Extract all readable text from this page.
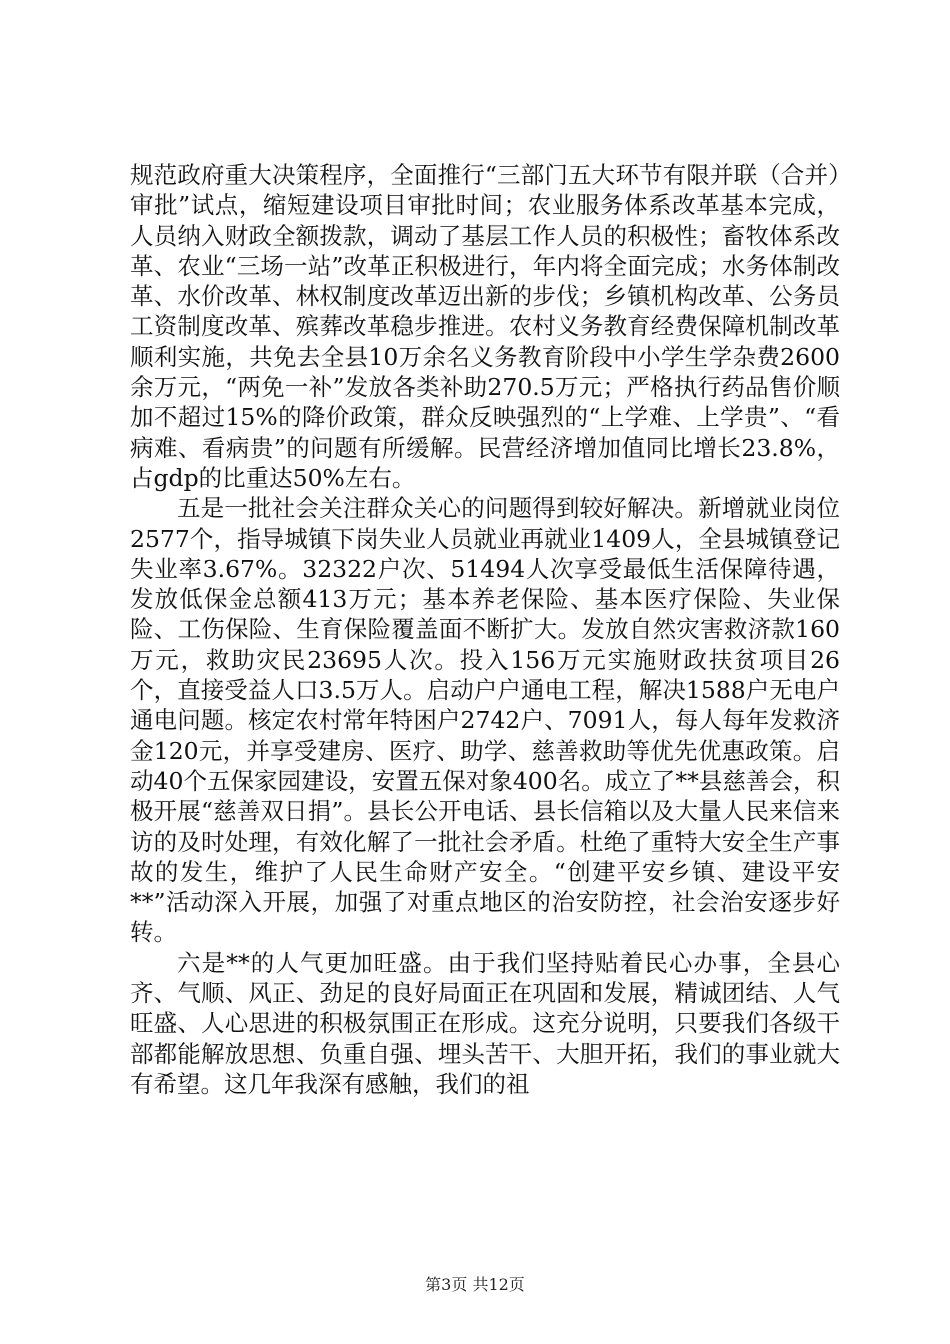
规范政府重大决策程序，全面推行“三部门五大环节有限并联（合并）审批”试点，缩短建设项目审批时间；农业服务体系改革基本完成，人员纳入财政全额拨款，调动了基层工作人员的积极性；畜牧体系改革、农业“三场一站”改革正积极进行，年内将全面完成；水务体制改革、水价改革、林权制度改革迈出新的步伐；乡镇机构改革、公务员工资制度改革、殡葬改革稳步推进。农村义务教育经费保障机制改革顺利实施，共免去全县10万余名义务教育阶段中小学生学杂费2600余万元，“两免一补”发放各类补助270.5万元；严格执行药品售价顺加不超过15%的降价政策，群众反映强烈的“上学难、上学贵”、“看病难、看病贵”的问题有所缓解。民营经济增加值同比增长23.8%，占gdp的比重达50%左右。

五是一批社会关注群众关心的问题得到较好解决。新增就业岗位2577个，指导城镇下岗失业人员就业再就业1409人，全县城镇登记失业率3.67%。32322户次、51494人次享受最低生活保障待遇，发放低保金总额413万元；基本养老保险、基本医疗保险、失业保险、工伤保险、生育保险覆盖面不断扩大。发放自然灾害救济款160万元，救助灾民23695人次。投入156万元实施财政扶贫项目26个，直接受益人口3.5万人。启动户户通电工程，解决1588户无电户通电问题。核定农村常年特困户2742户、7091人，每人每年发救济金120元，并享受建房、医疗、助学、慈善救助等优先优惠政策。启动40个五保家园建设，安置五保对象400名。成立了**县慈善会，积极开展“慈善双日捐”。县长公开电话、县长信箱以及大量人民来信来访的及时处理，有效化解了一批社会矛盾。杜绝了重特大安全生产事故的发生，维护了人民生命财产安全。“创建平安乡镇、建设平安**”活动深入开展，加强了对重点地区的治安防控，社会治安逐步好转。

六是**的人气更加旺盛。由于我们坚持贴着民心办事，全县心齐、气顺、风正、劲足的良好局面正在巩固和发展，精诚团结、人气旺盛、人心思进的积极氛围正在形成。这充分说明，只要我们各级干部都能解放思想、负重自强、埋头苦干、大胆开拓，我们的事业就大有希望。这几年我深有感触，我们的祖

第3页 共12页
